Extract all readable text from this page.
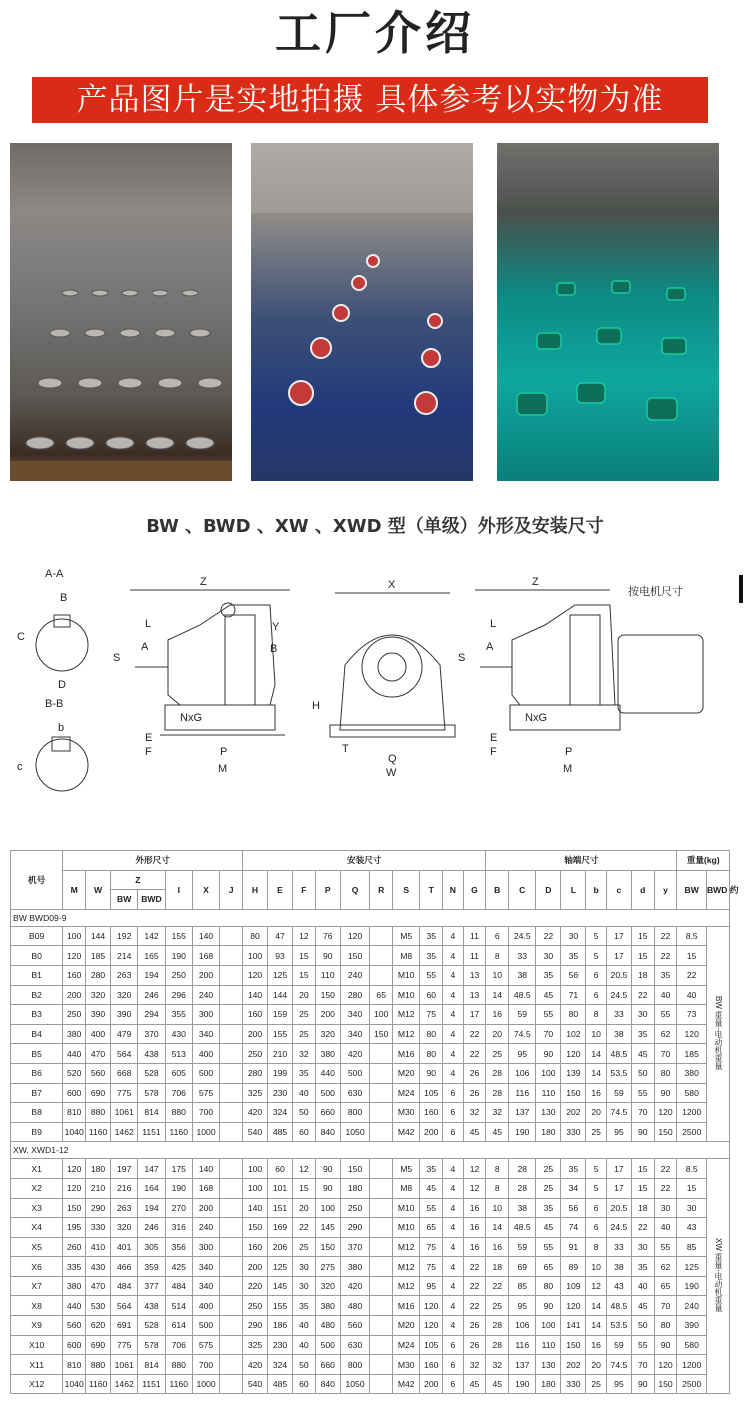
工厂介绍
产品图片是实地拍摄 具体参考以实物为准
BW 、BWD 、XW 、XWD 型（单级）外形及安装尺寸
A-A
B
C
D
B-B
b
c
Z
L
A
S
Y
B
NxG
E
F	P
M
X
H
T
Q
W
Z
按电机尺寸
L
A
S
NxG
E
F	P
M
机号	外形尺寸							安装尺寸										轴端尺寸								重量(kg)	
	M	W	Z		I	X	J	H	E	F	P	Q	R	S	T	N	G	B	C	D	L	b	c	d	y	BW	BWD 约
			BW	BWD																							
BW BWD09-9																											
B09	100	144	192	142	155	140		80	47	12	76	120		M5	35	4	11	6	24.5	22	30	5	17	15	22	8.5	BW 重量·电动机重量
B0	120	185	214	165	190	168		100	93	15	90	150		M8	35	4	11	8	33	30	35	5	17	15	22	15	
B1	160	280	263	194	250	200		120	125	15	110	240		M10	55	4	13	10	38	35	56	6	20.5	18	35	22	
B2	200	320	320	246	296	240		140	144	20	150	280	65	M10	60	4	13	14	48.5	45	71	6	24.5	22	40	40	
B3	250	390	390	294	355	300		160	159	25	200	340	100	M12	75	4	17	16	59	55	80	8	33	30	55	73	
B4	380	400	479	370	430	340		200	155	25	320	340	150	M12	80	4	22	20	74.5	70	102	10	38	35	62	120	
B5	440	470	564	438	513	400		250	210	32	380	420		M16	80	4	22	25	95	90	120	14	48.5	45	70	185	
B6	520	560	668	528	605	500		280	199	35	440	500		M20	90	4	26	28	106	100	139	14	53.5	50	80	380	
B7	600	690	775	578	706	575		325	230	40	500	630		M24	105	6	26	28	116	110	150	16	59	55	90	580	
B8	810	880	1061	814	880	700		420	324	50	660	800		M30	160	6	32	32	137	130	202	20	74.5	70	120	1200	
B9	1040	1160	1462	1151	1160	1000		540	485	60	840	1050		M42	200	6	45	45	190	180	330	25	95	90	150	2500	
XW. XWD1-12																											
X1	120	180	197	147	175	140		100	60	12	90	150		M5	35	4	12	8	28	25	35	5	17	15	22	8.5	XW 重量·电动机重量
X2	120	210	216	164	190	168		100	101	15	90	180		M8	45	4	12	8	28	25	34	5	17	15	22	15	
X3	150	290	263	194	270	200		140	151	20	100	250		M10	55	4	16	10	38	35	56	6	20.5	18	30	30	
X4	195	330	320	246	316	240		150	169	22	145	290		M10	65	4	16	14	48.5	45	74	6	24.5	22	40	43	
X5	260	410	401	305	356	300		160	206	25	150	370		M12	75	4	16	16	59	55	91	8	33	30	55	85	
X6	335	430	466	359	425	340		200	125	30	275	380		M12	75	4	22	18	69	65	89	10	38	35	62	125	
X7	380	470	484	377	484	340		220	145	30	320	420		M12	95	4	22	22	85	80	109	12	43	40	65	190	
X8	440	530	564	438	514	400		250	155	35	380	480		M16	120	4	22	25	95	90	120	14	48.5	45	70	240	
X9	560	620	691	528	614	500		290	186	40	480	560		M20	120	4	26	28	106	100	141	14	53.5	50	80	390	
X10	600	690	775	578	706	575		325	230	40	500	630		M24	105	6	26	28	116	110	150	16	59	55	90	580	
X11	810	880	1061	814	880	700		420	324	50	660	800		M30	160	6	32	32	137	130	202	20	74.5	70	120	1200	
X12	1040	1160	1462	1151	1160	1000		540	485	60	840	1050		M42	200	6	45	45	190	180	330	25	95	90	150	2500	
